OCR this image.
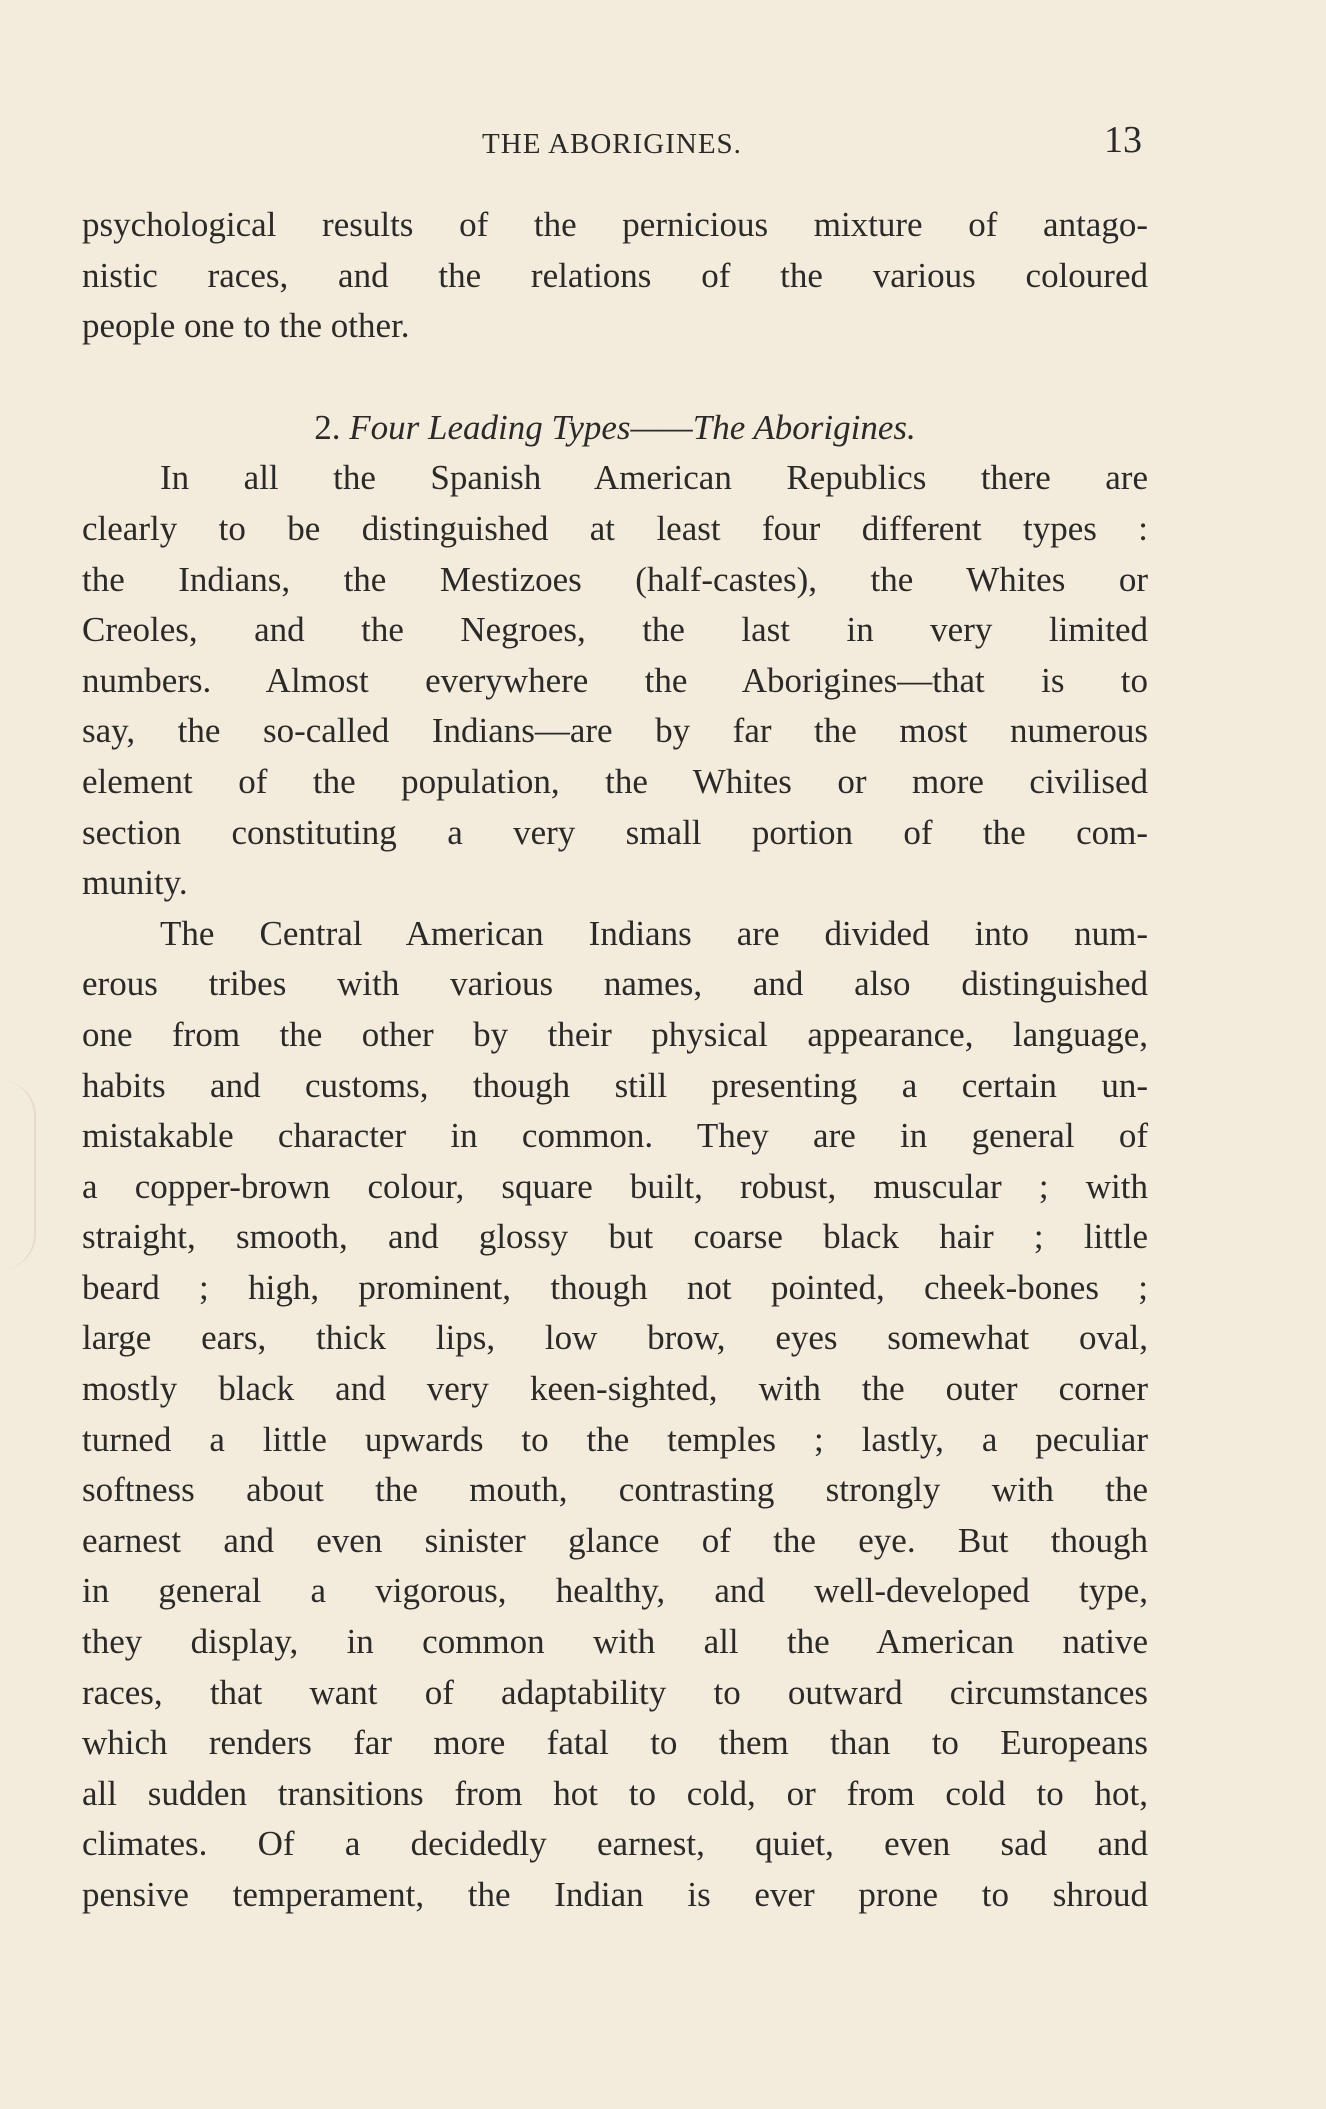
THE ABORIGINES.	13
psychological results of the pernicious mixture of antago-
nistic races, and the relations of the various coloured
people one to the other.
2. Four Leading Types——The Aborigines.
In all the Spanish American Republics there are
clearly to be distinguished at least four different types :
the Indians, the Mestizoes (half-castes), the Whites or
Creoles, and the Negroes, the last in very limited
numbers. Almost everywhere the Aborigines—that is to
say, the so-called Indians—are by far the most numerous
element of the population, the Whites or more civilised
section constituting a very small portion of the com-
munity.
The Central American Indians are divided into num-
erous tribes with various names, and also distinguished
one from the other by their physical appearance, language,
habits and customs, though still presenting a certain un-
mistakable character in common. They are in general of
a copper-brown colour, square built, robust, muscular ; with
straight, smooth, and glossy but coarse black hair ; little
beard ; high, prominent, though not pointed, cheek-bones ;
large ears, thick lips, low brow, eyes somewhat oval,
mostly black and very keen-sighted, with the outer corner
turned a little upwards to the temples ; lastly, a peculiar
softness about the mouth, contrasting strongly with the
earnest and even sinister glance of the eye. But though
in general a vigorous, healthy, and well-developed type,
they display, in common with all the American native
races, that want of adaptability to outward circumstances
which renders far more fatal to them than to Europeans
all sudden transitions from hot to cold, or from cold to hot,
climates. Of a decidedly earnest, quiet, even sad and
pensive temperament, the Indian is ever prone to shroud
